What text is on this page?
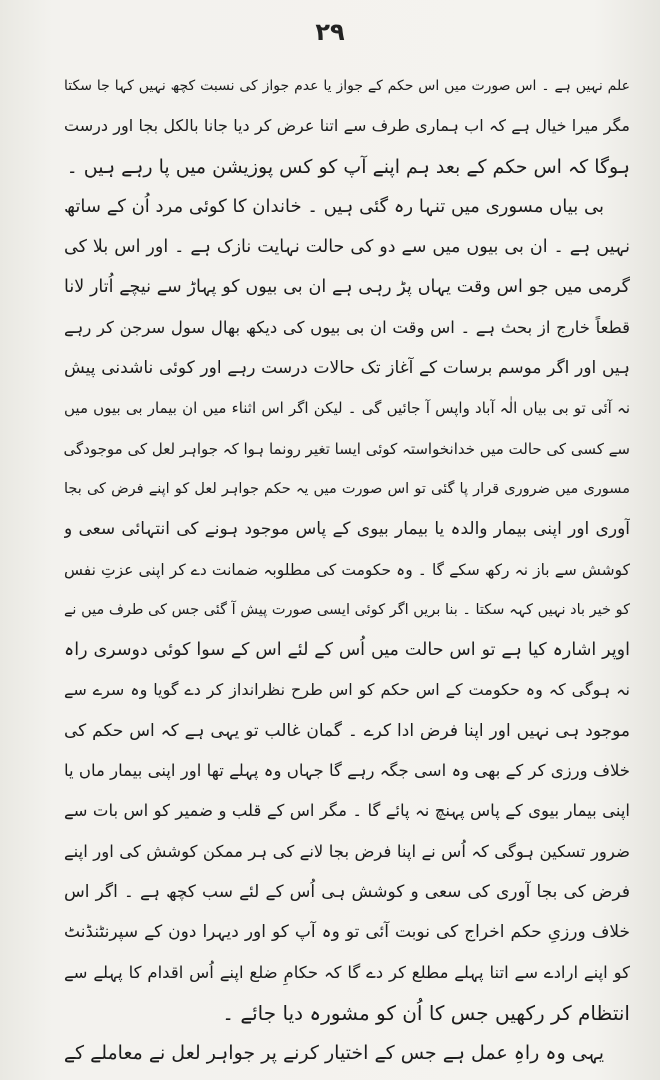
۲۹
علم نہیں ہے ۔ اس صورت میں اس حکم کے جواز یا عدم جواز کی نسبت کچھ نہیں کہا جا سکتا
مگر میرا خیال ہے کہ اب ہماری طرف سے اتنا عرض کر دیا جانا بالکل بجا اور درست
ہوگا کہ اس حکم کے بعد ہم اپنے آپ کو کس پوزیشن میں پا رہے ہیں ۔
بی بیاں مسوری میں تنہا رہ گئی ہیں ۔ خاندان کا کوئی مرد اُن کے ساتھ
نہیں ہے ۔ ان بی بیوں میں سے دو کی حالت نہایت نازک ہے ۔ اور اس بلا کی
گرمی میں جو اس وقت یہاں پڑ رہی ہے ان بی بیوں کو پہاڑ سے نیچے اُتار لانا
قطعاً خارج از بحث ہے ۔ اس وقت ان بی بیوں کی دیکھ بھال سول سرجن کر رہے
ہیں اور اگر موسم برسات کے آغاز تک حالات درست رہے اور کوئی ناشدنی پیش
نہ آئی تو بی بیاں الٰہ آباد واپس آ جائیں گی ۔ لیکن اگر اس اثناء میں ان بیمار بی بیوں میں
سے کسی کی حالت میں خدانخواستہ کوئی ایسا تغیر رونما ہوا کہ جواہر لعل کی موجودگی
مسوری میں ضروری قرار پا گئی تو اس صورت میں یہ حکم جواہر لعل کو اپنے فرض کی بجا
آوری اور اپنی بیمار والدہ یا بیمار بیوی کے پاس موجود ہونے کی انتہائی سعی و
کوشش سے باز نہ رکھ سکے گا ۔ وہ حکومت کی مطلوبہ ضمانت دے کر اپنی عزتِ نفس
کو خیر باد نہیں کہہ سکتا ۔ بنا بریں اگر کوئی ایسی صورت پیش آ گئی جس کی طرف میں نے
اوپر اشارہ کیا ہے تو اس حالت میں اُس کے لئے اس کے سوا کوئی دوسری راہ
نہ ہوگی کہ وہ حکومت کے اس حکم کو اس طرح نظرانداز کر دے گویا وہ سرے سے
موجود ہی نہیں اور اپنا فرض ادا کرے ۔ گمان غالب تو یہی ہے کہ اس حکم کی
خلاف ورزی کر کے بھی وہ اسی جگہ رہے گا جہاں وہ پہلے تھا اور اپنی بیمار ماں یا
اپنی بیمار بیوی کے پاس پہنچ نہ پائے گا ۔ مگر اس کے قلب و ضمیر کو اس بات سے
ضرور تسکین ہوگی کہ اُس نے اپنا فرض بجا لانے کی ہر ممکن کوشش کی اور اپنے
فرض کی بجا آوری کی سعی و کوشش ہی اُس کے لئے سب کچھ ہے ۔ اگر اس
خلاف ورزیِ حکم اخراج کی نوبت آئی تو وہ آپ کو اور دیہرا دون کے سپرنٹنڈنٹ
کو اپنے ارادے سے اتنا پہلے مطلع کر دے گا کہ حکامِ ضلع اپنے اُس اقدام کا پہلے سے
انتظام کر رکھیں جس کا اُن کو مشورہ دیا جائے ۔
یہی وہ راہِ عمل ہے جس کے اختیار کرنے پر جواہر لعل نے معاملے کے
